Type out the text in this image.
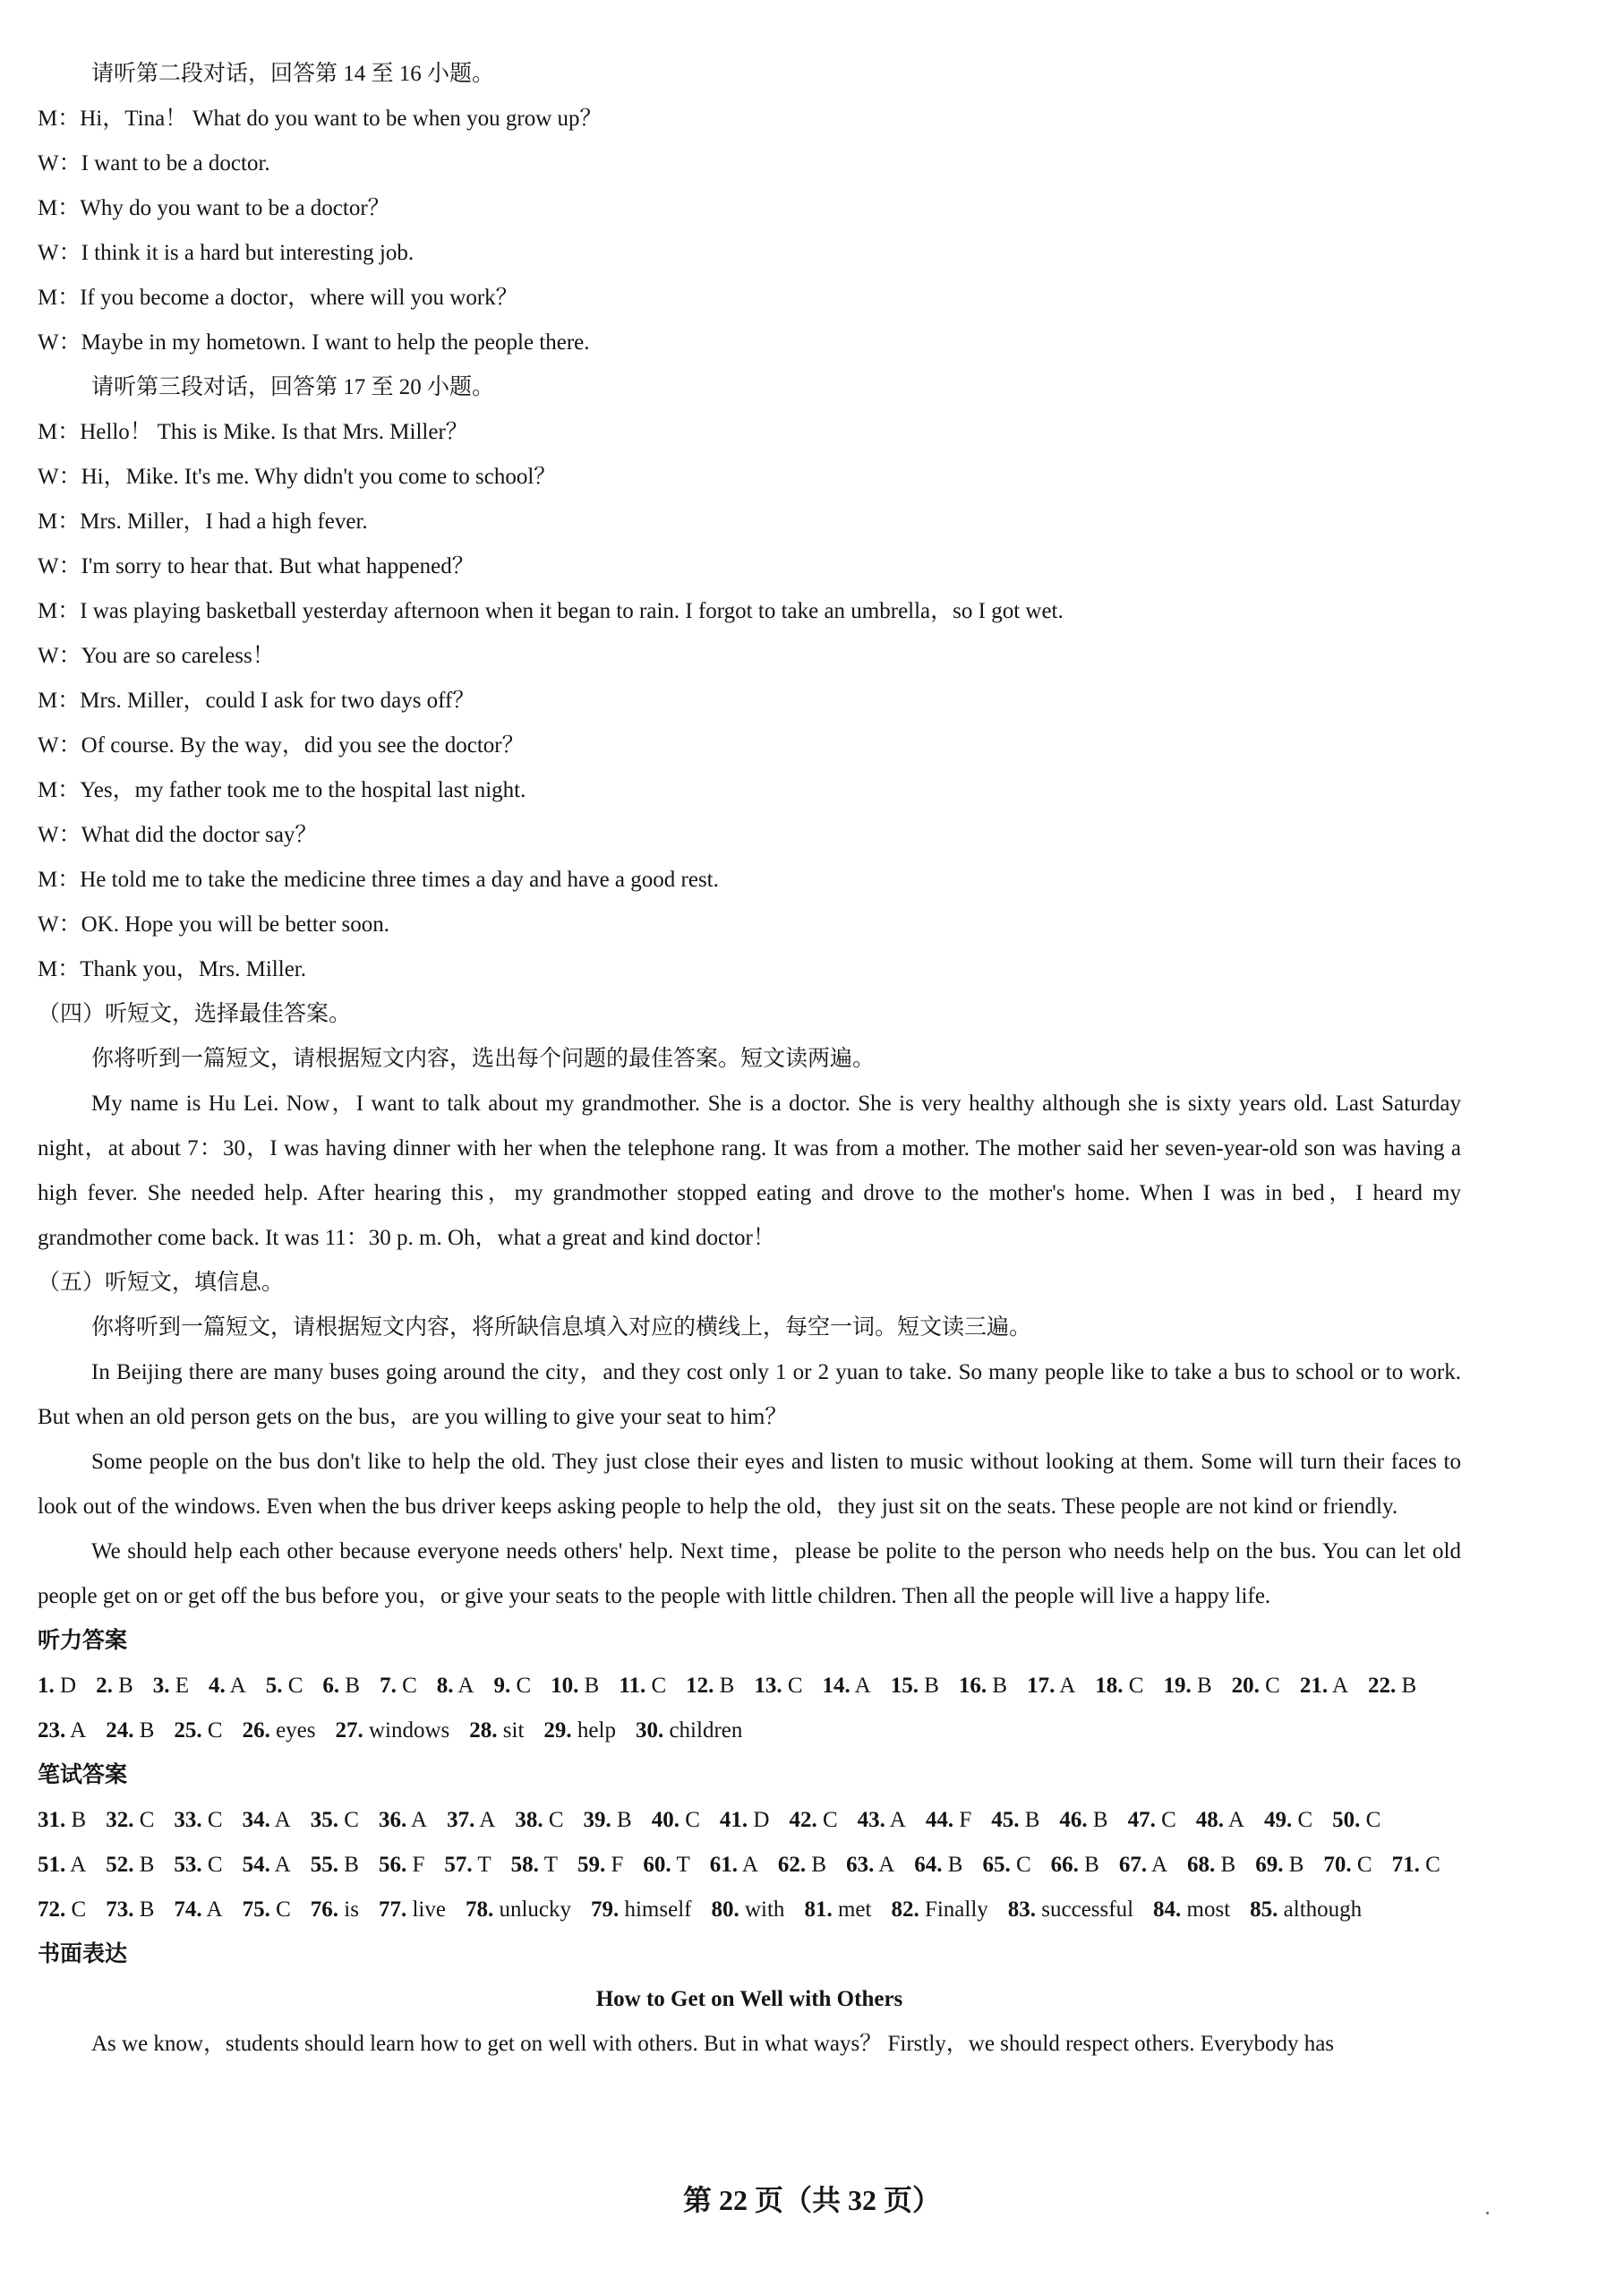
请听第二段对话，回答第 14 至 16 小题。
M：Hi，Tina！ What do you want to be when you grow up？
W：I want to be a doctor.
M：Why do you want to be a doctor？
W：I think it is a hard but interesting job.
M：If you become a doctor，where will you work？
W：Maybe in my hometown. I want to help the people there.
请听第三段对话，回答第 17 至 20 小题。
M：Hello！ This is Mike. Is that Mrs. Miller？
W：Hi，Mike. It's me. Why didn't you come to school？
M：Mrs. Miller，I had a high fever.
W：I'm sorry to hear that. But what happened？
M：I was playing basketball yesterday afternoon when it began to rain. I forgot to take an umbrella，so I got wet.
W：You are so careless！
M：Mrs. Miller，could I ask for two days off？
W：Of course. By the way，did you see the doctor？
M：Yes，my father took me to the hospital last night.
W：What did the doctor say？
M：He told me to take the medicine three times a day and have a good rest.
W：OK. Hope you will be better soon.
M：Thank you，Mrs. Miller.
（四）听短文，选择最佳答案。
你将听到一篇短文，请根据短文内容，选出每个问题的最佳答案。短文读两遍。

My name is Hu Lei. Now，I want to talk about my grandmother. She is a doctor. She is very healthy although she is sixty years old. Last Saturday night，at about 7：30，I was having dinner with her when the telephone rang. It was from a mother. The mother said her seven-year-old son was having a high fever. She needed help. After hearing this，my grandmother stopped eating and drove to the mother's home. When I was in bed，I heard my grandmother come back. It was 11：30 p. m. Oh，what a great and kind doctor！

（五）听短文，填信息。
你将听到一篇短文，请根据短文内容，将所缺信息填入对应的横线上，每空一词。短文读三遍。

In Beijing there are many buses going around the city，and they cost only 1 or 2 yuan to take. So many people like to take a bus to school or to work. But when an old person gets on the bus，are you willing to give your seat to him？

Some people on the bus don't like to help the old. They just close their eyes and listen to music without looking at them. Some will turn their faces to look out of the windows. Even when the bus driver keeps asking people to help the old，they just sit on the seats. These people are not kind or friendly.

We should help each other because everyone needs others' help. Next time，please be polite to the person who needs help on the bus. You can let old people get on or get off the bus before you，or give your seats to the people with little children. Then all the people will live a happy life.

听力答案
1. D 2. B 3. E 4. A 5. C 6. B 7. C 8. A 9. C 10. B 11. C 12. B 13. C 14. A 15. B 16. B 17. A 18. C 19. B 20. C 21. A 22. B23. A 24. B 25. C 26. eyes 27. windows 28. sit 29. help 30. children
笔试答案
31. B 32. C 33. C 34. A 35. C 36. A 37. A 38. C 39. B 40. C 41. D 42. C 43. A 44. F 45. B 46. B 47. C 48. A 49. C 50. C51. A 52. B 53. C 54. A 55. B 56. F 57. T 58. T 59. F 60. T 61. A 62. B 63. A 64. B 65. C 66. B 67. A 68. B 69. B 70. C 71. C72. C 73. B 74. A 75. C 76. is 77. live 78. unlucky 79. himself 80. with 81. met 82. Finally 83. successful 84. most 85. although
书面表达
How to Get on Well with Others

As we know，students should learn how to get on well with others. But in what ways？ Firstly，we should respect others. Everybody has

第 22 页（共 32 页）
